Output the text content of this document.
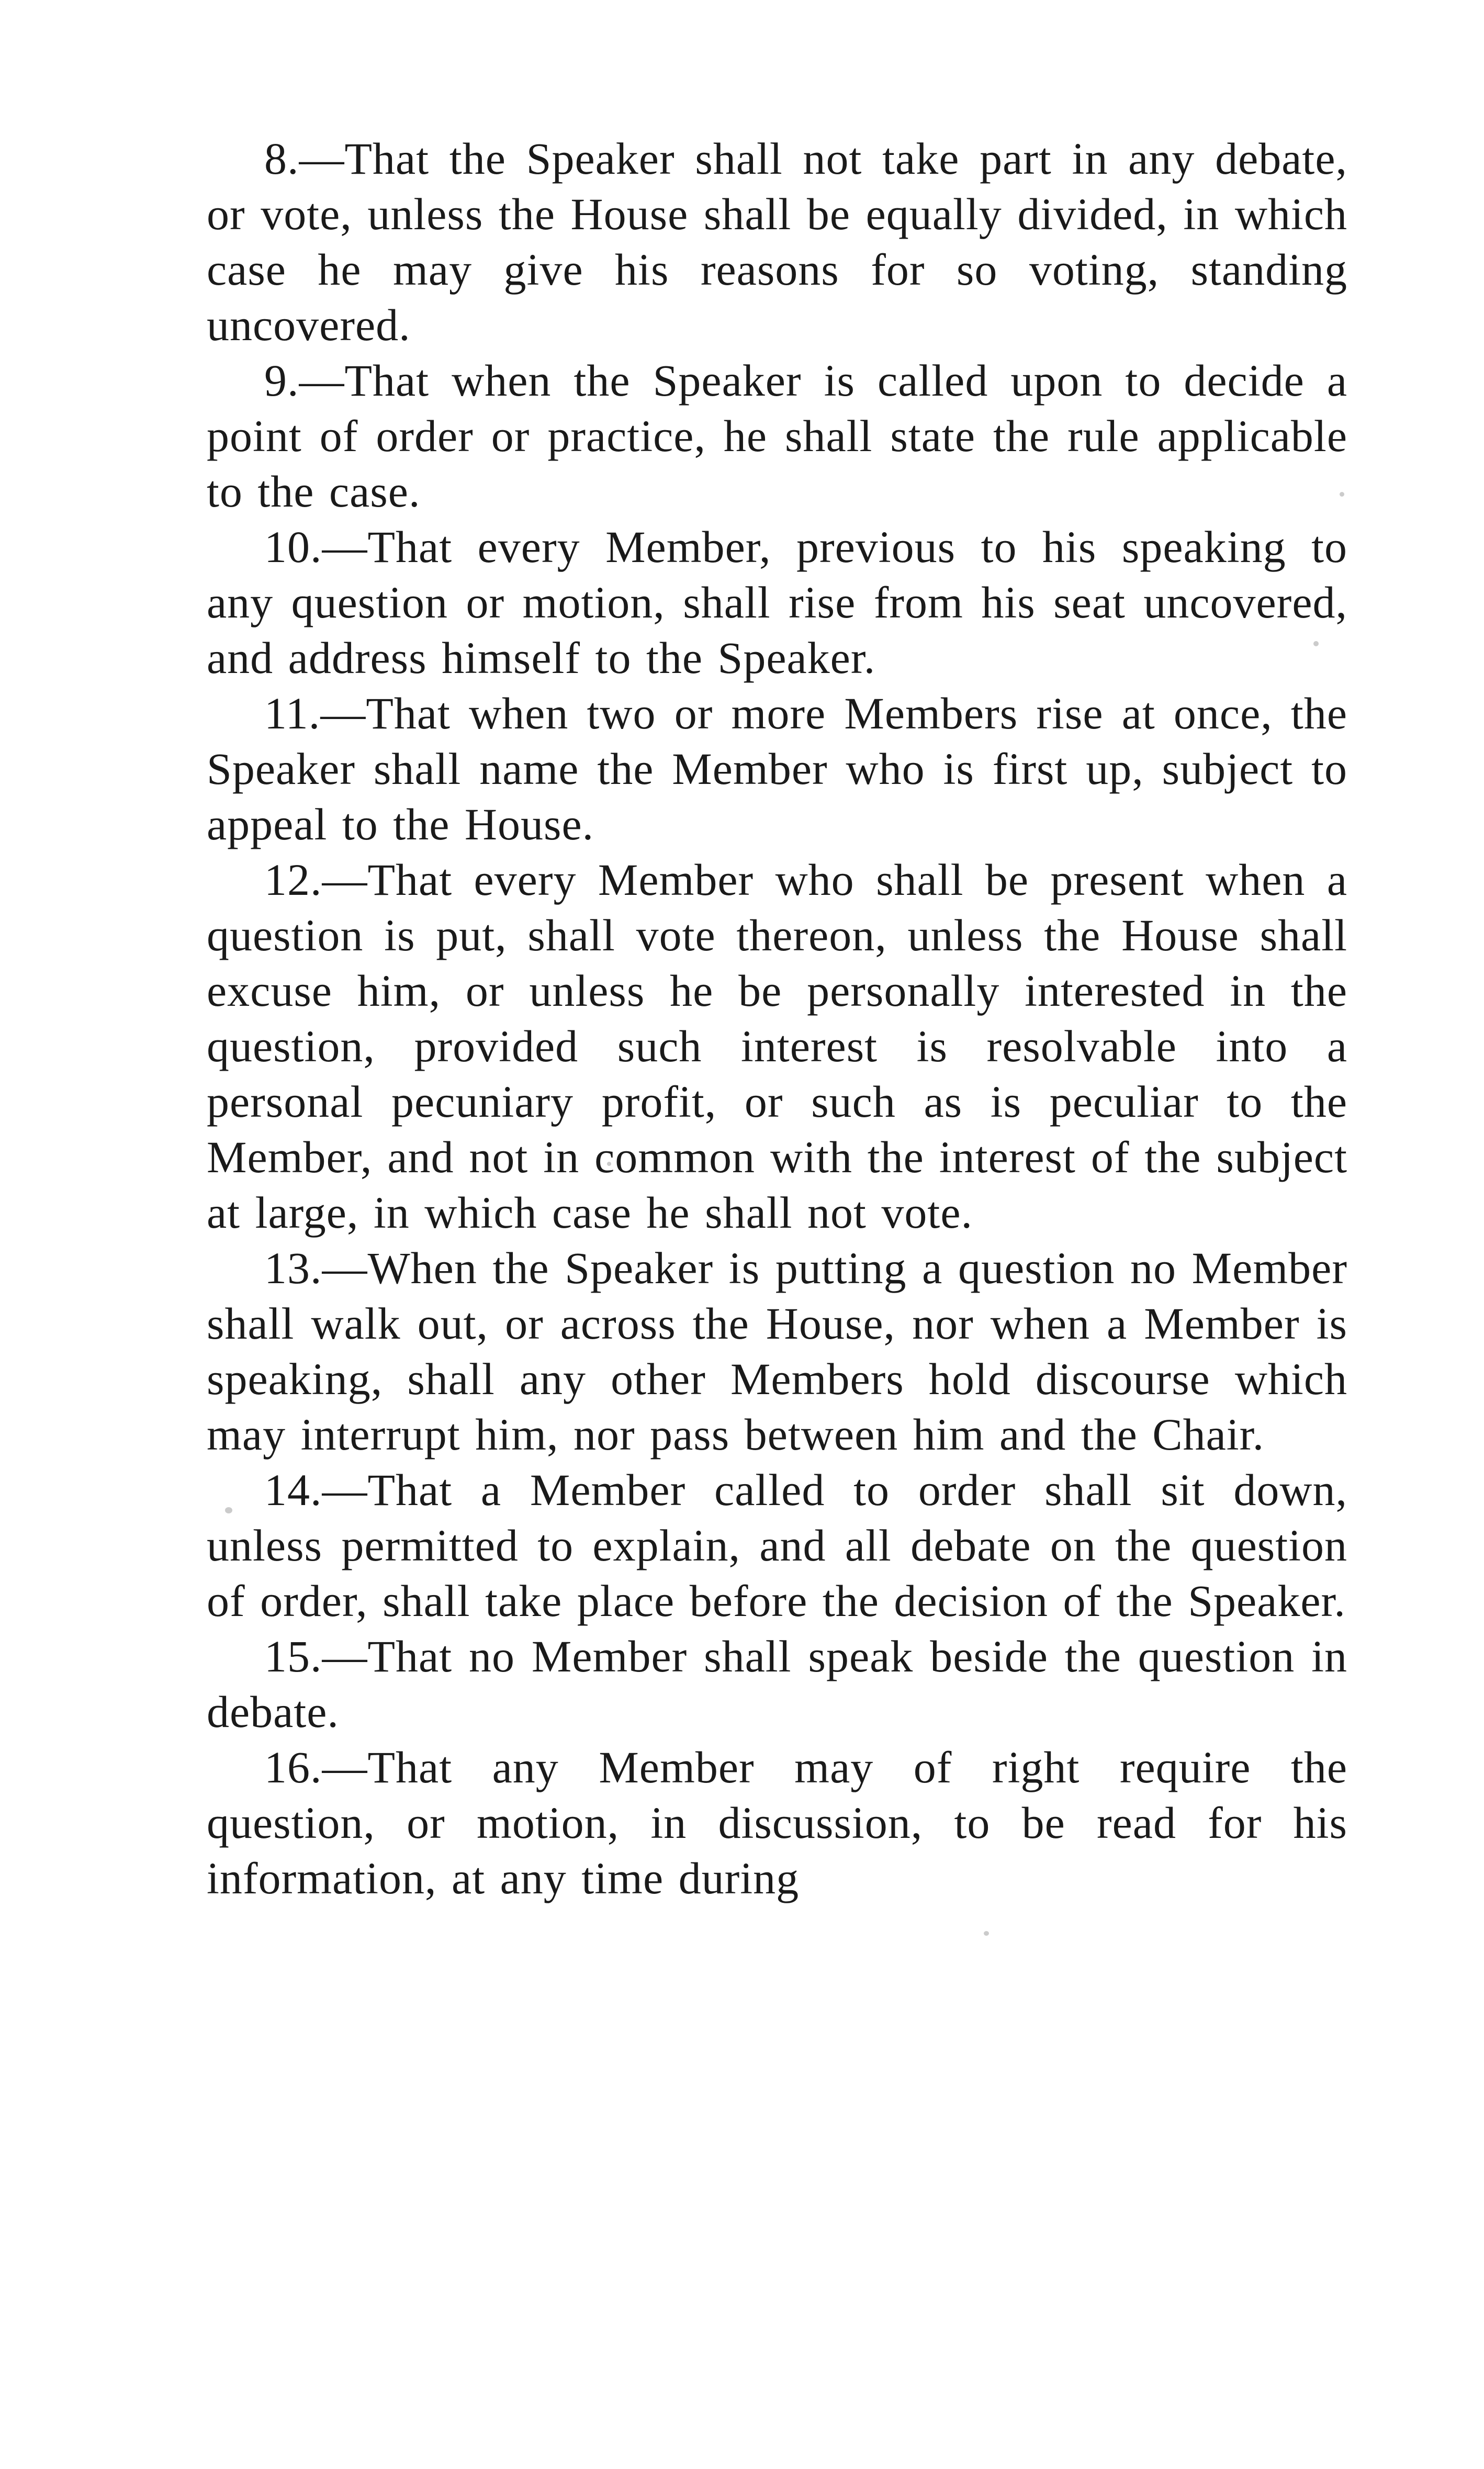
8.—That the Speaker shall not take part in any debate, or vote, unless the House shall be equally divided, in which case he may give his reasons for so voting, standing uncovered.

9.—That when the Speaker is called upon to decide a point of order or practice, he shall state the rule applicable to the case.

10.—That every Member, previous to his speaking to any question or motion, shall rise from his seat uncovered, and address himself to the Speaker.

11.—That when two or more Members rise at once, the Speaker shall name the Member who is first up, subject to appeal to the House.

12.—That every Member who shall be present when a question is put, shall vote thereon, unless the House shall excuse him, or unless he be personally interested in the question, provided such interest is resolvable into a personal pecuniary profit, or such as is peculiar to the Member, and not in common with the interest of the subject at large, in which case he shall not vote.

13.—When the Speaker is putting a question no Member shall walk out, or across the House, nor when a Member is speaking, shall any other Members hold discourse which may interrupt him, nor pass between him and the Chair.

14.—That a Member called to order shall sit down, unless permitted to explain, and all debate on the question of order, shall take place before the decision of the Speaker.

15.—That no Member shall speak beside the question in debate.

16.—That any Member may of right require the question, or motion, in discussion, to be read for his information, at any time during
